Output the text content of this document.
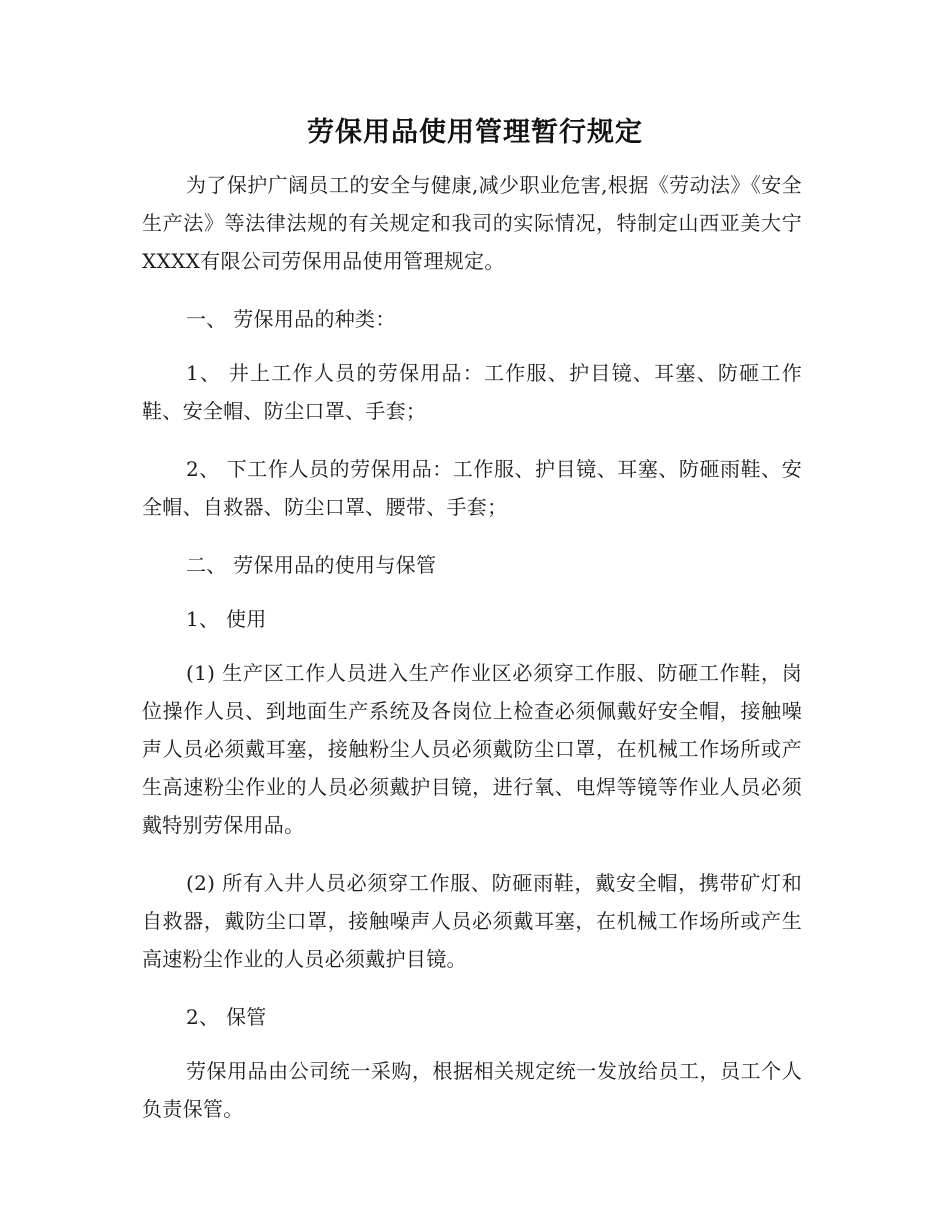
劳保用品使用管理暂行规定

为了保护广阔员工的安全与健康,减少职业危害,根据《劳动法》《安全生产法》等法律法规的有关规定和我司的实际情况，特制定山西亚美大宁XXXX有限公司劳保用品使用管理规定。

一、 劳保用品的种类：

1、 井上工作人员的劳保用品：工作服、护目镜、耳塞、防砸工作鞋、安全帽、防尘口罩、手套；

2、 下工作人员的劳保用品：工作服、护目镜、耳塞、防砸雨鞋、安全帽、自救器、防尘口罩、腰带、手套；

二、 劳保用品的使用与保管

1、 使用

(1) 生产区工作人员进入生产作业区必须穿工作服、防砸工作鞋，岗位操作人员、到地面生产系统及各岗位上检查必须佩戴好安全帽，接触噪声人员必须戴耳塞，接触粉尘人员必须戴防尘口罩，在机械工作场所或产生高速粉尘作业的人员必须戴护目镜，进行氧、电焊等镜等作业人员必须戴特别劳保用品。

(2) 所有入井人员必须穿工作服、防砸雨鞋，戴安全帽，携带矿灯和自救器，戴防尘口罩，接触噪声人员必须戴耳塞，在机械工作场所或产生高速粉尘作业的人员必须戴护目镜。

2、 保管

劳保用品由公司统一采购，根据相关规定统一发放给员工，员工个人负责保管。
